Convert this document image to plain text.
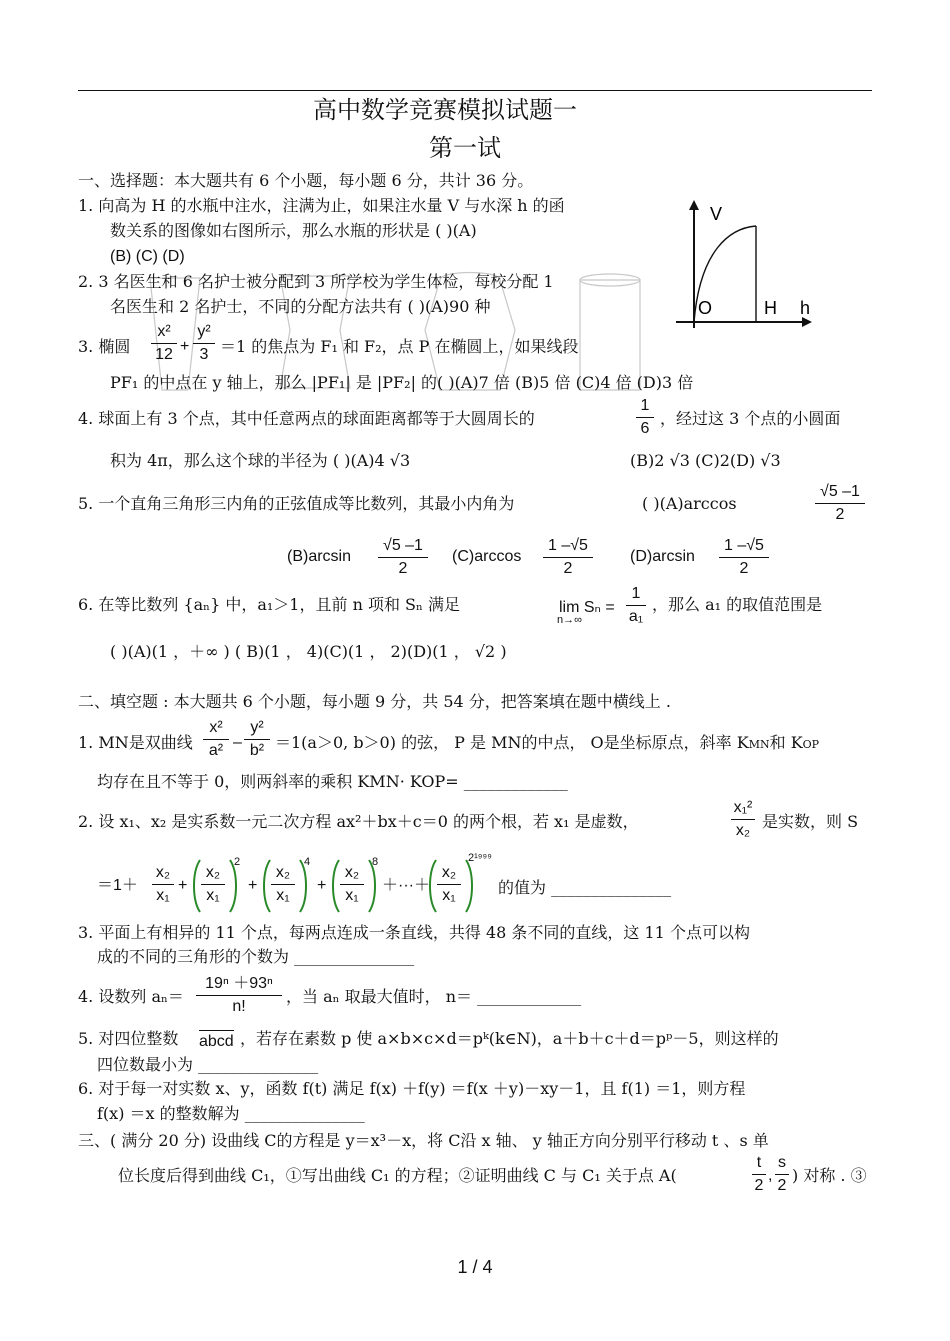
高中数学竞赛模拟试题一
第一试
一、选择题：本大题共有 6 个小题，每小题 6 分，共计 36 分。
1. 向高为 H 的水瓶中注水，注满为止，如果注水量 V 与水深 h 的函
数关系的图像如右图所示，那么水瓶的形状是 ( )(A)
(B) (C) (D)
V
O	H h
2. 3 名医生和 6 名护士被分配到 3 所学校为学生体检，每校分配 1
名医生和 2 名护士，不同的分配方法共有 ( )(A)90 种
3. 椭圆
x²
12 +
y²
3 ＝1 的焦点为 F₁ 和 F₂，点 P 在椭圆上，如果线段
PF₁ 的中点在 y 轴上，那么 |PF₁| 是 |PF₂| 的( )(A)7 倍 (B)5 倍 (C)4 倍 (D)3 倍
4. 球面上有 3 个点，其中任意两点的球面距离都等于大圆周长的
1
6
，经过这 3 个点的小圆面
积为 4π，那么这个球的半径为 ( )(A)4 √3	(B)2 √3 (C)2(D) √3
5. 一个直角三角形三内角的正弦值成等比数列，其最小内角为	( )(A)arccos
√5 –1
2
(B)arcsin
√5 –1
2
(C)arccos
1 –√5
2
(D)arcsin
1 –√5
2
6. 在等比数列 {aₙ} 中，a₁＞1，且前 n 项和 Sₙ 满足	lim Sₙ =
n→∞
1
a₁
，那么 a₁ 的取值范围是
( )(A)(1 ，＋∞ ) ( B)(1 ， 4)(C)(1 ， 2)(D)(1 ， √2 )
二、填空题 : 本大题共 6 个小题，每小题 9 分，共 54 分，把答案填在题中横线上 .
1. MN是双曲线
x²
a² –
y²
b² ＝1(a＞0, b＞0) 的弦， P 是 MN的中点， O是坐标原点，斜率 KMN和 KOP
均存在且不等于 0，则两斜率的乘积 KMN· KOP= _____________
2. 设 x₁、x₂ 是实系数一元二次方程 ax²＋bx＋c＝0 的两个根，若 x₁ 是虚数，
x₁²
x₂ 是实数，则 S
＝1＋
x₂
x₁
+
x₂
x₁
2
+
x₂
x₁
4
+
x₂
x₁
8
＋···＋
x₂
x₁
2¹⁹⁹⁹
的值为 _______________
3. 平面上有相异的 11 个点，每两点连成一条直线，共得 48 条不同的直线，这 11 个点可以构
成的不同的三角形的个数为 _______________
4. 设数列 aₙ＝
19ⁿ ＋93ⁿ
n!
，当 aₙ 取最大值时， n＝ _____________
5. 对四位整数 abcd ，若存在素数 p 使 a×b×c×d＝pᵏ(k∈N)，a＋b＋c＋d＝pᵖ－5，则这样的
四位数最小为 _______________
6. 对于每一对实数 x、y，函数 f(t) 满足 f(x) ＋f(y) ＝f(x ＋y)－xy－1，且 f(1) ＝1，则方程
f(x) ＝x 的整数解为 _______________
三、( 满分 20 分) 设曲线 C的方程是 y＝x³－x，将 C沿 x 轴、 y 轴正方向分别平行移动 t 、s 单
位长度后得到曲线 C₁，①写出曲线 C₁ 的方程；②证明曲线 C 与 C₁ 关于点 A(
t
2
,
s
2
) 对称 . ③
1 / 4
